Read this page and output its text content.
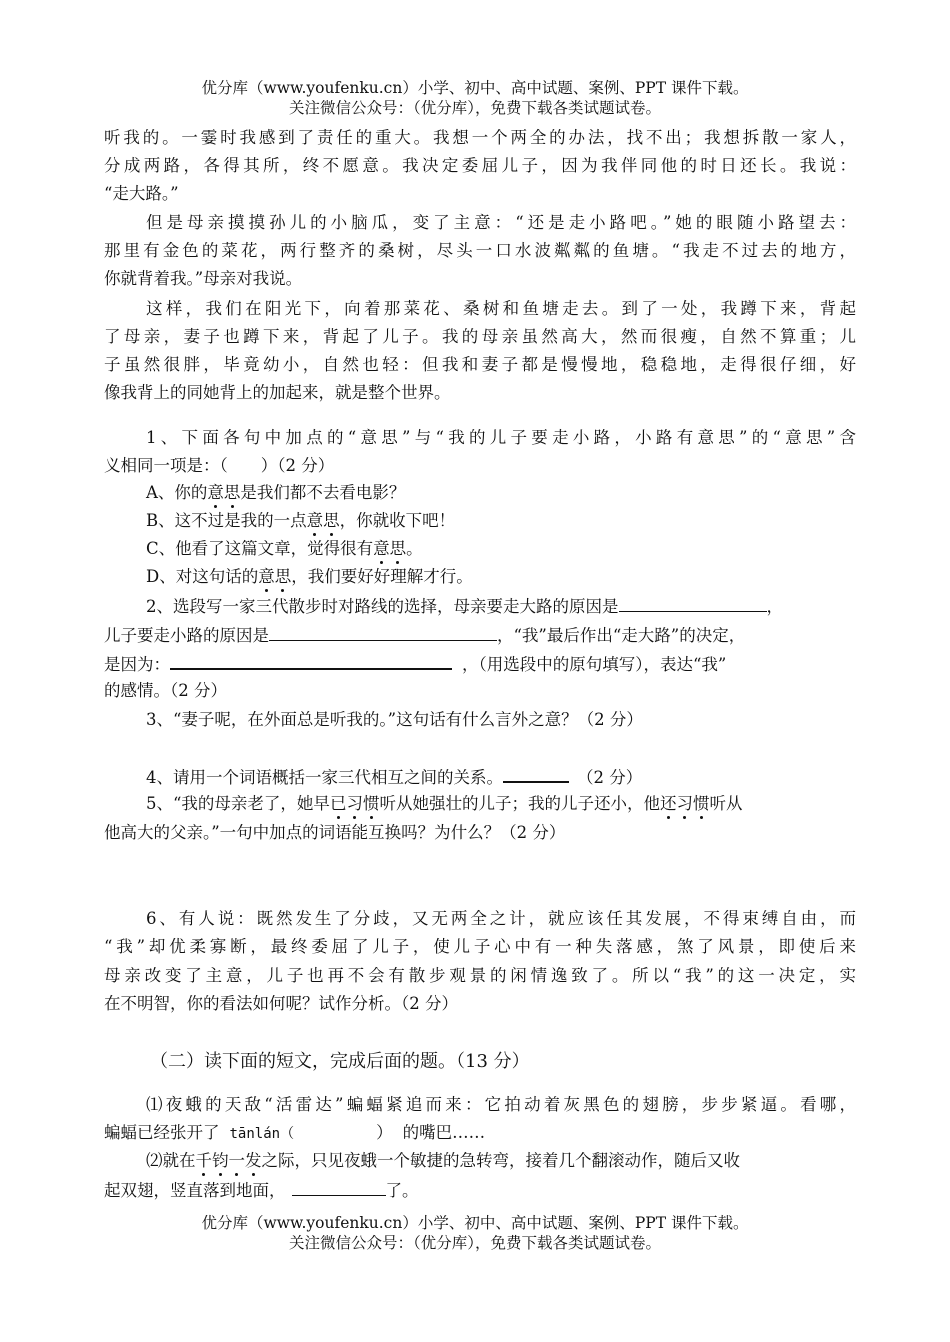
优分库（www.youfenku.cn）小学、初中、高中试题、案例、PPT 课件下载。
关注微信公众号：（优分库），免费下载各类试题试卷。
听我的。一霎时我感到了责任的重大。我想一个两全的办法，找不出；我想拆散一家人，
分成两路，各得其所，终不愿意。我决定委屈儿子，因为我伴同他的时日还长。我说：
“走大路。”
但是母亲摸摸孙儿的小脑瓜，变了主意：“还是走小路吧。”她的眼随小路望去：
那里有金色的菜花，两行整齐的桑树，尽头一口水波粼粼的鱼塘。“我走不过去的地方，
你就背着我。”母亲对我说。
这样，我们在阳光下，向着那菜花、桑树和鱼塘走去。到了一处，我蹲下来，背起
了母亲，妻子也蹲下来，背起了儿子。我的母亲虽然高大，然而很瘦，自然不算重；儿
子虽然很胖，毕竟幼小，自然也轻：但我和妻子都是慢慢地，稳稳地，走得很仔细，好
像我背上的同她背上的加起来，就是整个世界。
1、下面各句中加点的“意思”与“我的儿子要走小路，小路有意思”的“意思”含
义相同一项是：（　　）（2 分）
A、你的意思是我们都不去看电影？
B、这不过是我的一点意思，你就收下吧！
C、他看了这篇文章，觉得很有意思。
D、对这句话的意思，我们要好好理解才行。
2、选段写一家三代散步时对路线的选择，母亲要走大路的原因是	，
儿子要走小路的原因是	，“我”最后作出“走大路”的决定，
是因为：	，（用选段中的原句填写），表达“我”
的感情。（2 分）
3、“妻子呢，在外面总是听我的。”这句话有什么言外之意？（2 分）
4、请用一个词语概括一家三代相互之间的关系。	（2 分）
5、“我的母亲老了，她早已习惯听从她强壮的儿子；我的儿子还小，他还习惯听从
他高大的父亲。”一句中加点的词语能互换吗？为什么？（2 分）
6、有人说：既然发生了分歧，又无两全之计，就应该任其发展，不得束缚自由，而
“我”却优柔寡断，最终委屈了儿子，使儿子心中有一种失落感，煞了风景，即使后来
母亲改变了主意，儿子也再不会有散步观景的闲情逸致了。所以“我”的这一决定，实
在不明智，你的看法如何呢？试作分析。（2 分）
（二）读下面的短文，完成后面的题。（13 分）
⑴夜蛾的天敌“活雷达”蝙蝠紧追而来：它拍动着灰黑色的翅膀，步步紧逼。看哪，
蝙蝠已经张开了 tānlán（	） 的嘴巴……
⑵就在千钧一发之际，只见夜蛾一个敏捷的急转弯，接着几个翻滚动作，随后又收
起双翅，竖直落到地面，	了。
优分库（www.youfenku.cn）小学、初中、高中试题、案例、PPT 课件下载。
关注微信公众号：（优分库），免费下载各类试题试卷。
